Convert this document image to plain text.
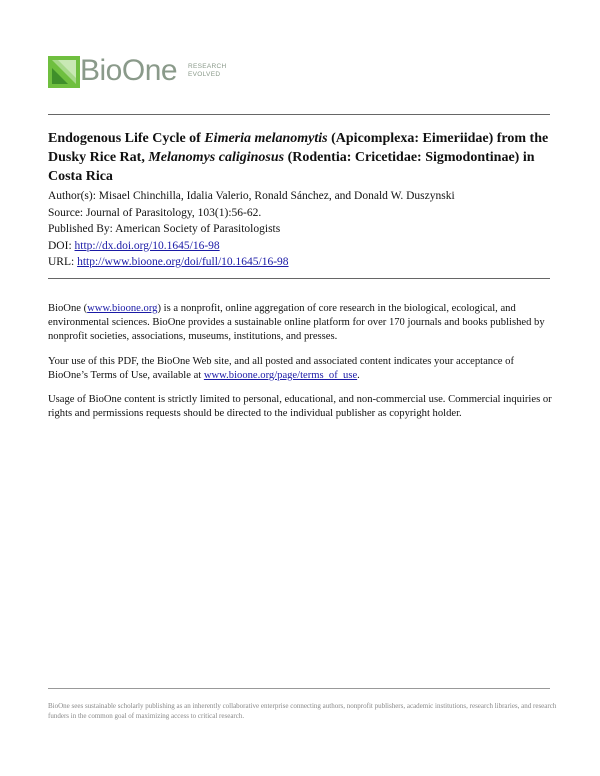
BioOne RESEARCH
EVOLVED
Endogenous Life Cycle of Eimeria melanomytis (Apicomplexa: Eimeriidae) from the Dusky Rice Rat, Melanomys caliginosus (Rodentia: Cricetidae: Sigmodontinae) in Costa Rica
Author(s): Misael Chinchilla, Idalia Valerio, Ronald Sánchez, and Donald W. Duszynski
Source: Journal of Parasitology, 103(1):56-62.
Published By: American Society of Parasitologists
DOI: http://dx.doi.org/10.1645/16-98
URL: http://www.bioone.org/doi/full/10.1645/16-98

BioOne (www.bioone.org) is a nonprofit, online aggregation of core research in the biological, ecological, and environmental sciences. BioOne provides a sustainable online platform for over 170 journals and books published by nonprofit societies, associations, museums, institutions, and presses.

Your use of this PDF, the BioOne Web site, and all posted and associated content indicates your acceptance of BioOne’s Terms of Use, available at www.bioone.org/page/terms_of_use.

Usage of BioOne content is strictly limited to personal, educational, and non-commercial use. Commercial inquiries or rights and permissions requests should be directed to the individual publisher as copyright holder.

BioOne sees sustainable scholarly publishing as an inherently collaborative enterprise connecting authors, nonprofit publishers, academic institutions, research libraries, and research funders in the common goal of maximizing access to critical research.
